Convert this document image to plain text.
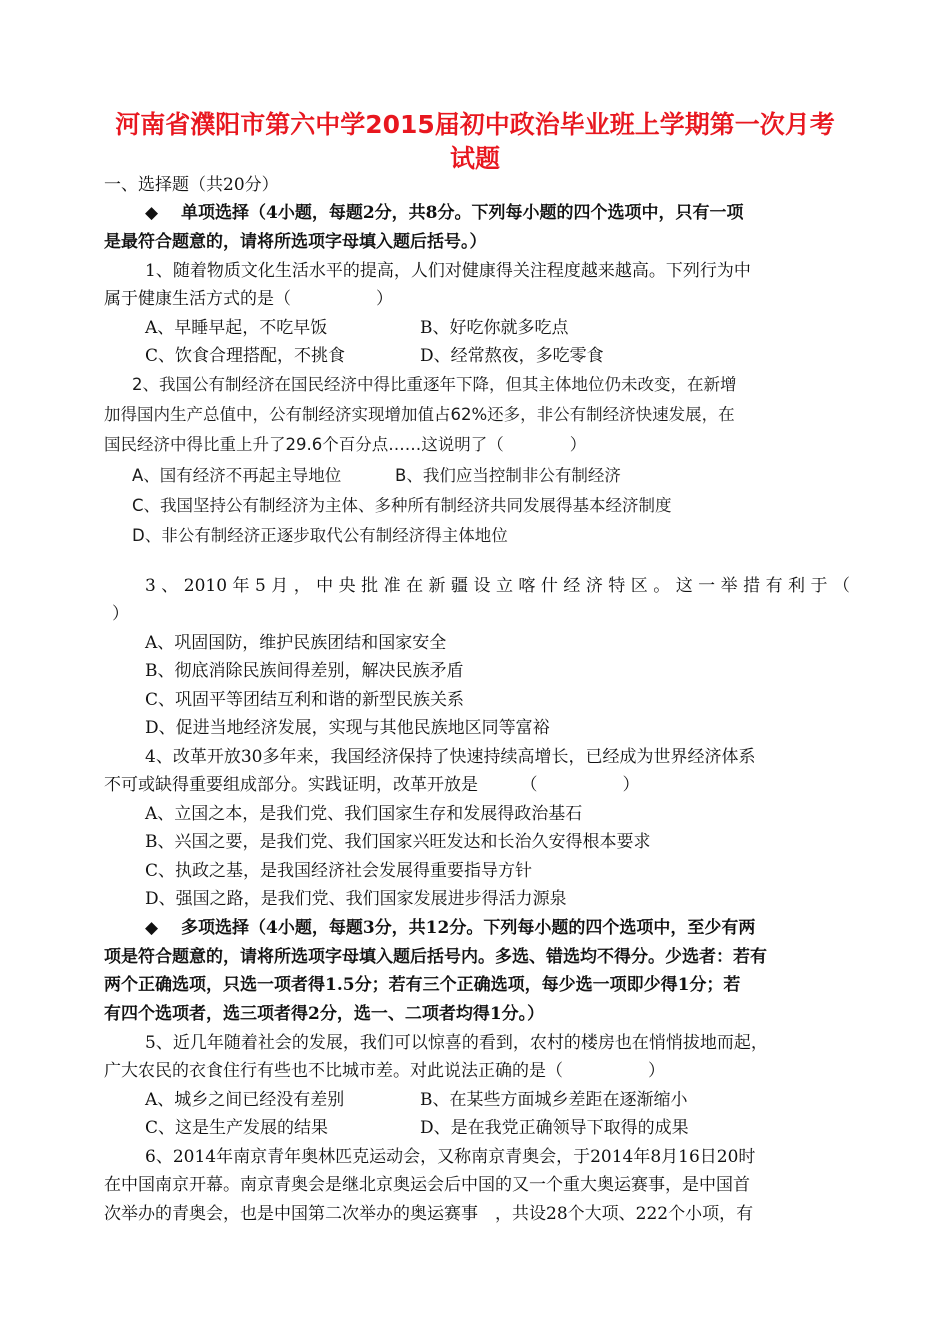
河南省濮阳市第六中学2015届初中政治毕业班上学期第一次月考
试题
一、选择题（共20分）
◆ 单项选择（4小题，每题2分，共8分。下列每小题的四个选项中，只有一项
是最符合题意的，请将所选项字母填入题后括号。）
1、随着物质文化生活水平的提高，人们对健康得关注程度越来越高。下列行为中
属于健康生活方式的是（　　　　　）
A、早睡早起，不吃早饭	B、好吃你就多吃点
C、饮食合理搭配，不挑食	D、经常熬夜，多吃零食
2、我国公有制经济在国民经济中得比重逐年下降，但其主体地位仍未改变，在新增
加得国内生产总值中，公有制经济实现增加值占62%还多，非公有制经济快速发展，在
国民经济中得比重上升了29.6个百分点……这说明了（　　　　）
A、国有经济不再起主导地位	B、我们应当控制非公有制经济
C、我国坚持公有制经济为主体、多种所有制经济共同发展得基本经济制度
D、非公有制经济正逐步取代公有制经济得主体地位
3、2010年5月，中央批准在新疆设立喀什经济特区。这一举措有利于（
）
A、巩固国防，维护民族团结和国家安全
B、彻底消除民族间得差别，解决民族矛盾
C、巩固平等团结互利和谐的新型民族关系
D、促进当地经济发展，实现与其他民族地区同等富裕
4、改革开放30多年来，我国经济保持了快速持续高增长，已经成为世界经济体系
不可或缺得重要组成部分。实践证明，改革开放是　　　（　　　　　）
A、立国之本，是我们党、我们国家生存和发展得政治基石
B、兴国之要，是我们党、我们国家兴旺发达和长治久安得根本要求
C、执政之基，是我国经济社会发展得重要指导方针
D、强国之路，是我们党、我们国家发展进步得活力源泉
◆ 多项选择（4小题，每题3分，共12分。下列每小题的四个选项中，至少有两
项是符合题意的，请将所选项字母填入题后括号内。多选、错选均不得分。少选者：若有
两个正确选项，只选一项者得1.5分；若有三个正确选项，每少选一项即少得1分；若
有四个选项者，选三项者得2分，选一、二项者均得1分。）
5、近几年随着社会的发展，我们可以惊喜的看到，农村的楼房也在悄悄拔地而起，
广大农民的衣食住行有些也不比城市差。对此说法正确的是（　　　　　）
A、城乡之间已经没有差别	B、在某些方面城乡差距在逐渐缩小
C、这是生产发展的结果	D、是在我党正确领导下取得的成果
6、2014年南京青年奥林匹克运动会，又称南京青奥会，于2014年8月16日20时
在中国南京开幕。南京青奥会是继北京奥运会后中国的又一个重大奥运赛事，是中国首
次举办的青奥会，也是中国第二次举办的奥运赛事　，共设28个大项、222个小项，有
